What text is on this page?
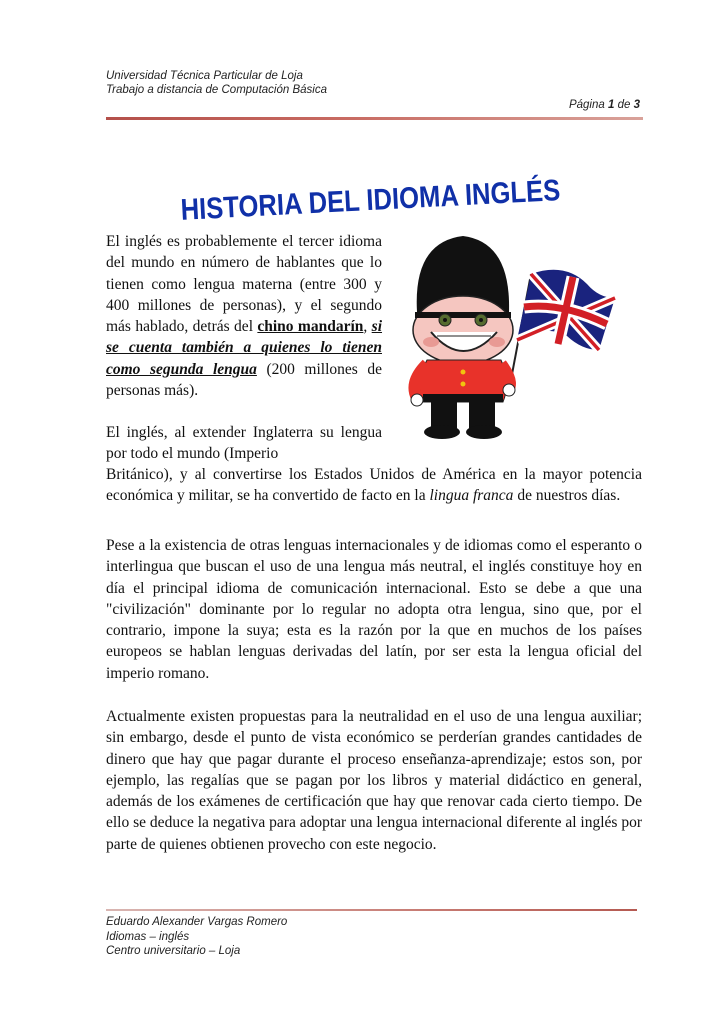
Universidad Técnica Particular de Loja
Trabajo a distancia de Computación Básica
Página 1 de 3
HISTORIA DEL IDIOMA INGLÉS

El inglés es probablemente el tercer idioma del mundo en número de hablantes que lo tienen como lengua materna (entre 300 y 400 millones de personas), y el segundo más hablado, detrás del chino mandarín, si se cuenta también a quienes lo tienen como segunda lengua (200 millones de personas más).

El inglés, al extender Inglaterra su lengua por todo el mundo (Imperio

Británico), y al convertirse los Estados Unidos de América en la mayor potencia económica y militar, se ha convertido de facto en la lingua franca de nuestros días.

Pese a la existencia de otras lenguas internacionales y de idiomas como el esperanto o interlingua que buscan el uso de una lengua más neutral, el inglés constituye hoy en día el principal idioma de comunicación internacional. Esto se debe a que una "civilización" dominante por lo regular no adopta otra lengua, sino que, por el contrario, impone la suya; esta es la razón por la que en muchos de los países europeos se hablan lenguas derivadas del latín, por ser esta la lengua oficial del imperio romano.

Actualmente existen propuestas para la neutralidad en el uso de una lengua auxiliar; sin embargo, desde el punto de vista económico se perderían grandes cantidades de dinero que hay que pagar durante el proceso enseñanza-aprendizaje; estos son, por ejemplo, las regalías que se pagan por los libros y material didáctico en general, además de los exámenes de certificación que hay que renovar cada cierto tiempo. De ello se deduce la negativa para adoptar una lengua internacional diferente al inglés por parte de quienes obtienen provecho con este negocio.

Eduardo Alexander Vargas Romero
Idiomas – inglés
Centro universitario – Loja
